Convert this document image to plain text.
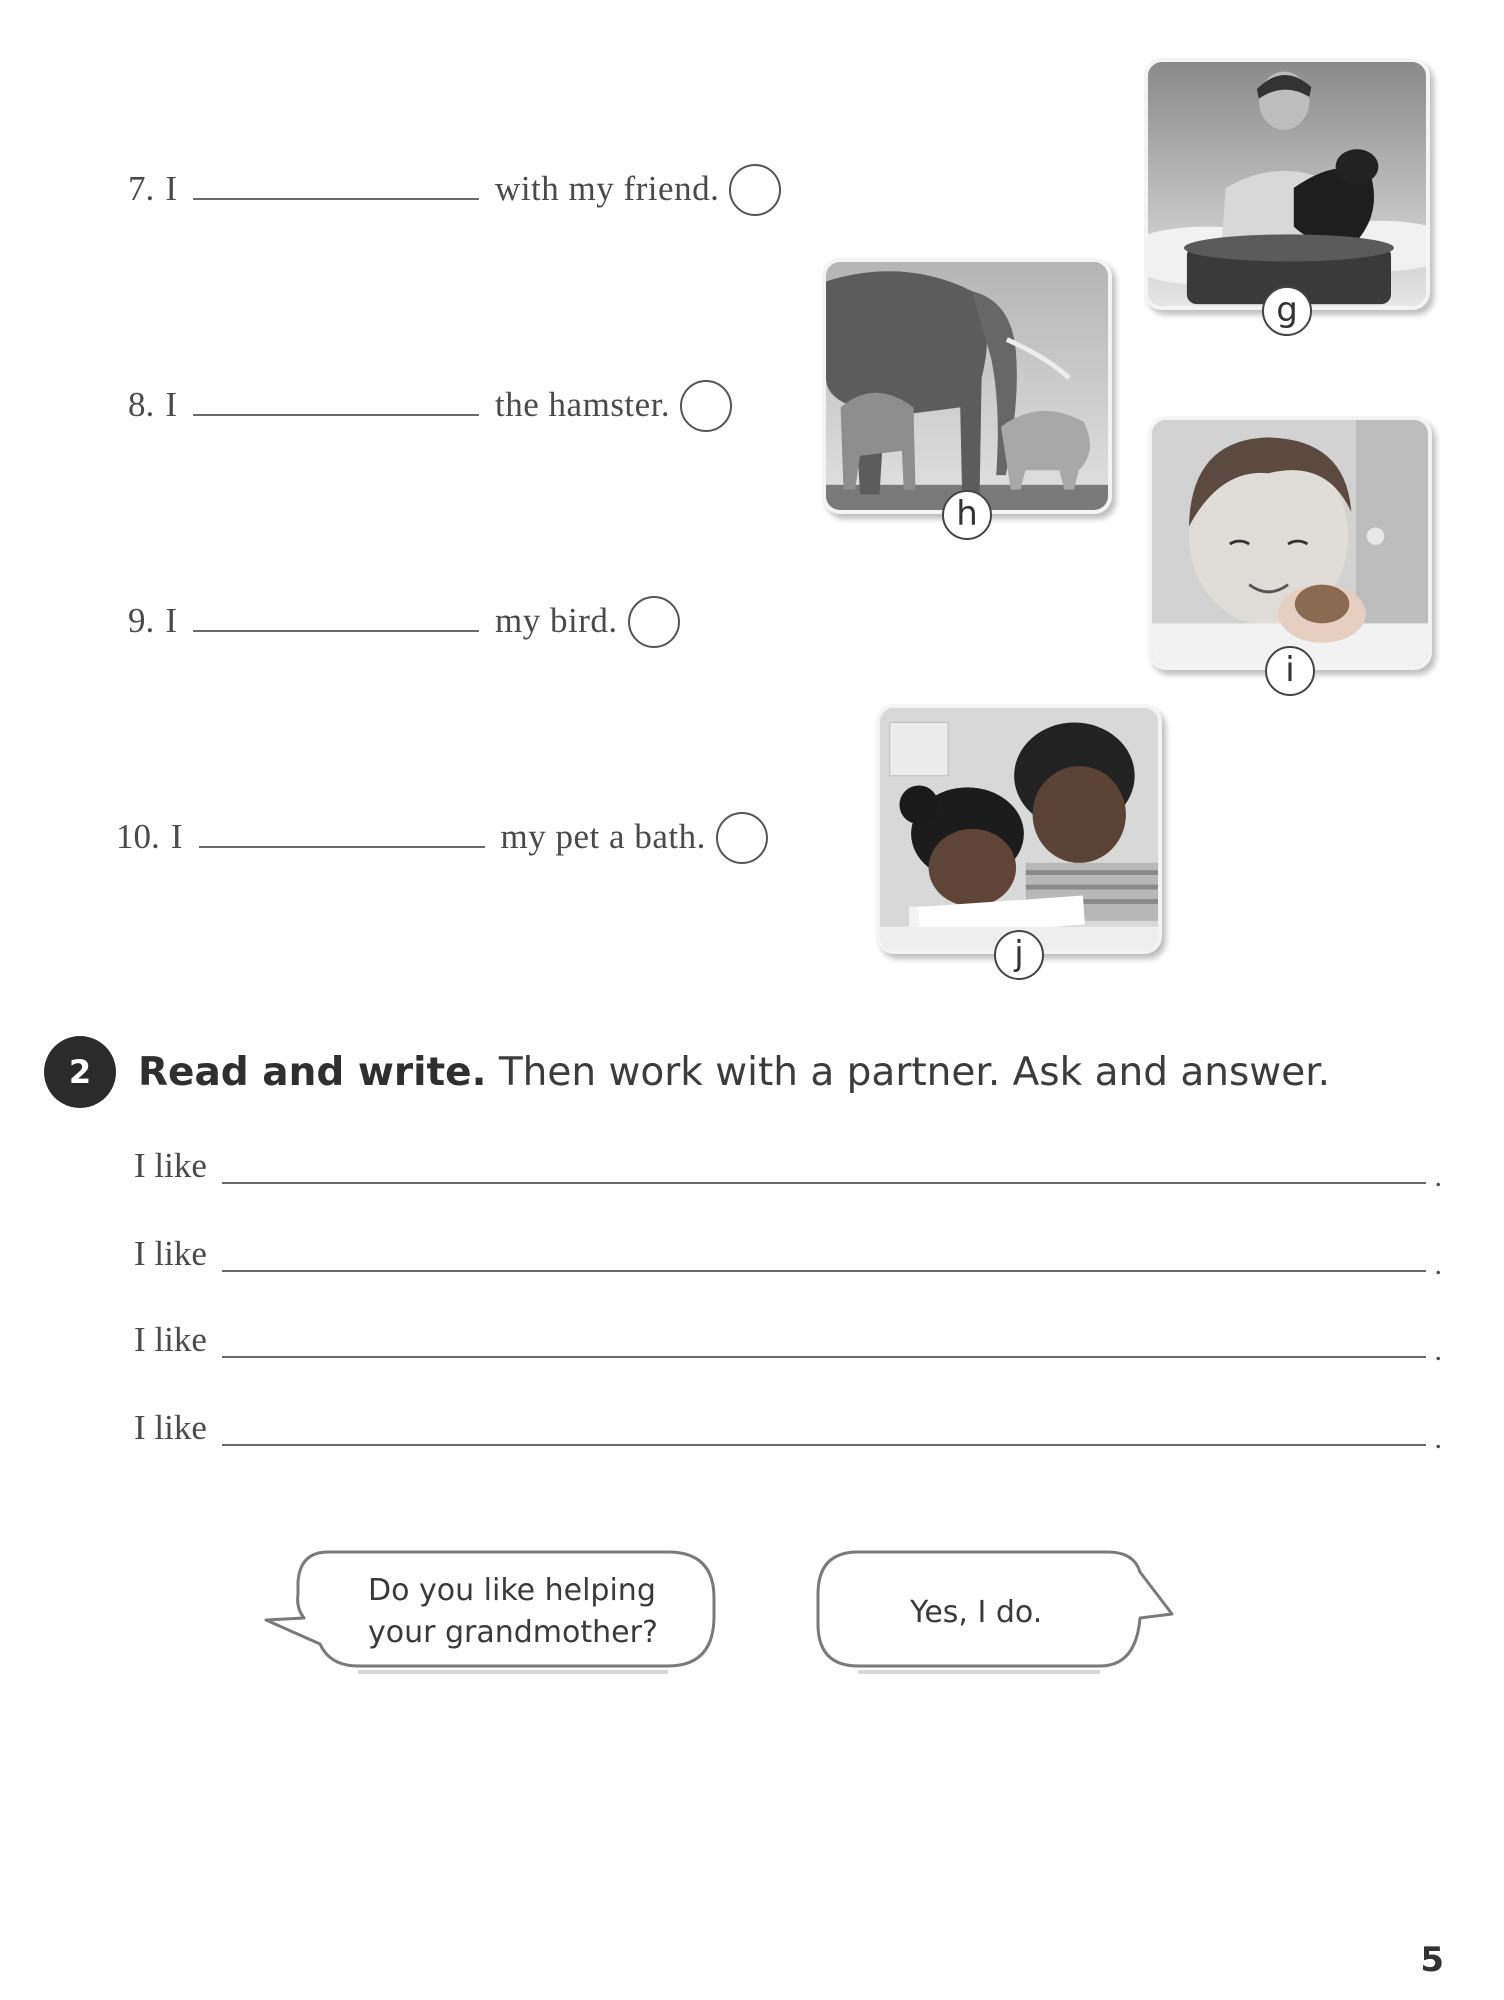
7. I	with my friend.
8. I	the hamster.
9. I	my bird.
10. I	my pet a bath.
g
h
i
j
2	Read and write. Then work with a partner. Ask and answer.
I like	.
I like	.
I like	.
I like	.
Do you like helping
your grandmother?
Yes, I do.
5
